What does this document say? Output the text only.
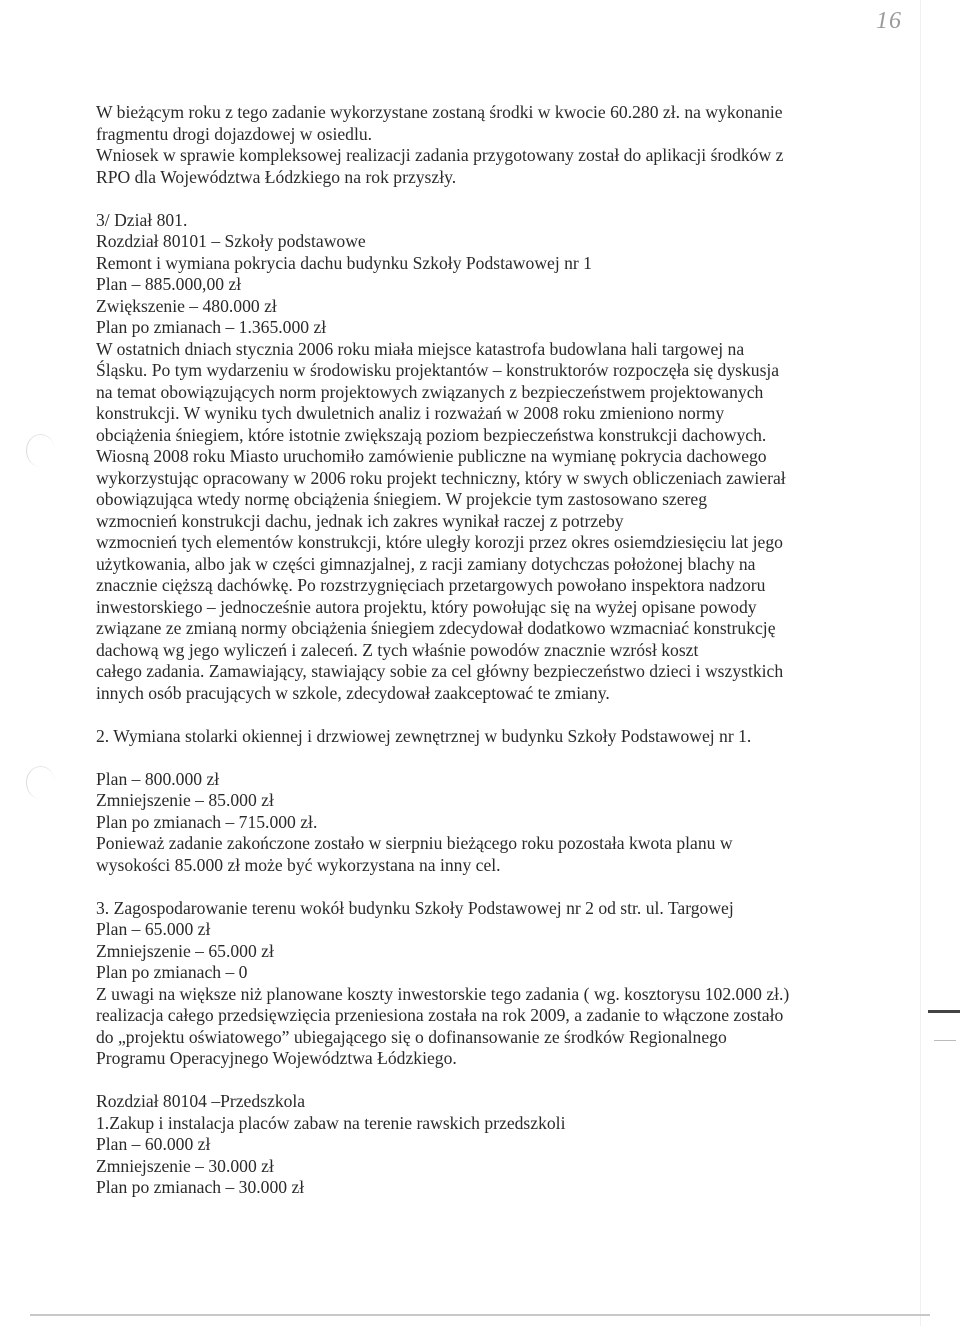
16

W bieżącym roku z tego zadanie wykorzystane zostaną środki w kwocie 60.280 zł. na wykonanie

fragmentu drogi dojazdowej w osiedlu.

Wniosek w sprawie kompleksowej realizacji zadania przygotowany został do aplikacji środków z

RPO dla Województwa Łódzkiego na rok przyszły.

3/ Dział 801.

Rozdział 80101 – Szkoły podstawowe

Remont i wymiana pokrycia dachu budynku Szkoły Podstawowej nr 1

Plan – 885.000,00 zł

Zwiększenie – 480.000 zł

Plan po zmianach – 1.365.000 zł

W ostatnich dniach stycznia 2006 roku miała miejsce katastrofa budowlana hali targowej na

Śląsku. Po tym wydarzeniu w środowisku projektantów – konstruktorów rozpoczęła się dyskusja

na temat obowiązujących norm projektowych związanych z bezpieczeństwem projektowanych

konstrukcji. W wyniku tych dwuletnich analiz i rozważań w 2008 roku zmieniono normy

obciążenia śniegiem, które istotnie zwiększają poziom bezpieczeństwa konstrukcji dachowych.

Wiosną 2008 roku Miasto uruchomiło zamówienie publiczne na wymianę pokrycia dachowego

wykorzystując opracowany w 2006 roku projekt techniczny, który w swych obliczeniach zawierał

obowiązująca wtedy normę obciążenia śniegiem. W projekcie tym zastosowano szereg

wzmocnień konstrukcji dachu, jednak ich zakres wynikał raczej z potrzeby

wzmocnień tych elementów konstrukcji, które uległy korozji przez okres osiemdziesięciu lat jego

użytkowania, albo jak w części gimnazjalnej, z racji zamiany dotychczas położonej blachy na

znacznie cięższą dachówkę. Po rozstrzygnięciach przetargowych powołano inspektora nadzoru

inwestorskiego – jednocześnie autora projektu, który powołując się na wyżej opisane powody

związane ze zmianą normy obciążenia śniegiem zdecydował dodatkowo wzmacniać konstrukcję

dachową wg jego wyliczeń i zaleceń. Z tych właśnie powodów znacznie wzrósł koszt

całego zadania. Zamawiający, stawiający sobie za cel główny bezpieczeństwo dzieci i wszystkich

innych osób pracujących w szkole, zdecydował zaakceptować te zmiany.

2. Wymiana stolarki okiennej i drzwiowej zewnętrznej w budynku Szkoły Podstawowej nr 1.

Plan – 800.000 zł

Zmniejszenie – 85.000 zł

Plan po zmianach – 715.000 zł.

Ponieważ zadanie zakończone zostało w sierpniu bieżącego roku pozostała kwota planu w

wysokości 85.000 zł może być wykorzystana na inny cel.

3. Zagospodarowanie terenu wokół budynku Szkoły Podstawowej nr 2 od str. ul. Targowej

Plan – 65.000 zł

Zmniejszenie – 65.000 zł

Plan po zmianach – 0

Z uwagi na większe niż planowane koszty inwestorskie tego zadania ( wg. kosztorysu 102.000 zł.)

realizacja całego przedsięwzięcia przeniesiona została na rok 2009, a zadanie to włączone zostało

do „projektu oświatowego” ubiegającego się o dofinansowanie ze środków Regionalnego

Programu Operacyjnego Województwa Łódzkiego.

Rozdział 80104 –Przedszkola

1.Zakup i instalacja placów zabaw na terenie rawskich przedszkoli

Plan – 60.000 zł

Zmniejszenie – 30.000 zł

Plan po zmianach – 30.000 zł
